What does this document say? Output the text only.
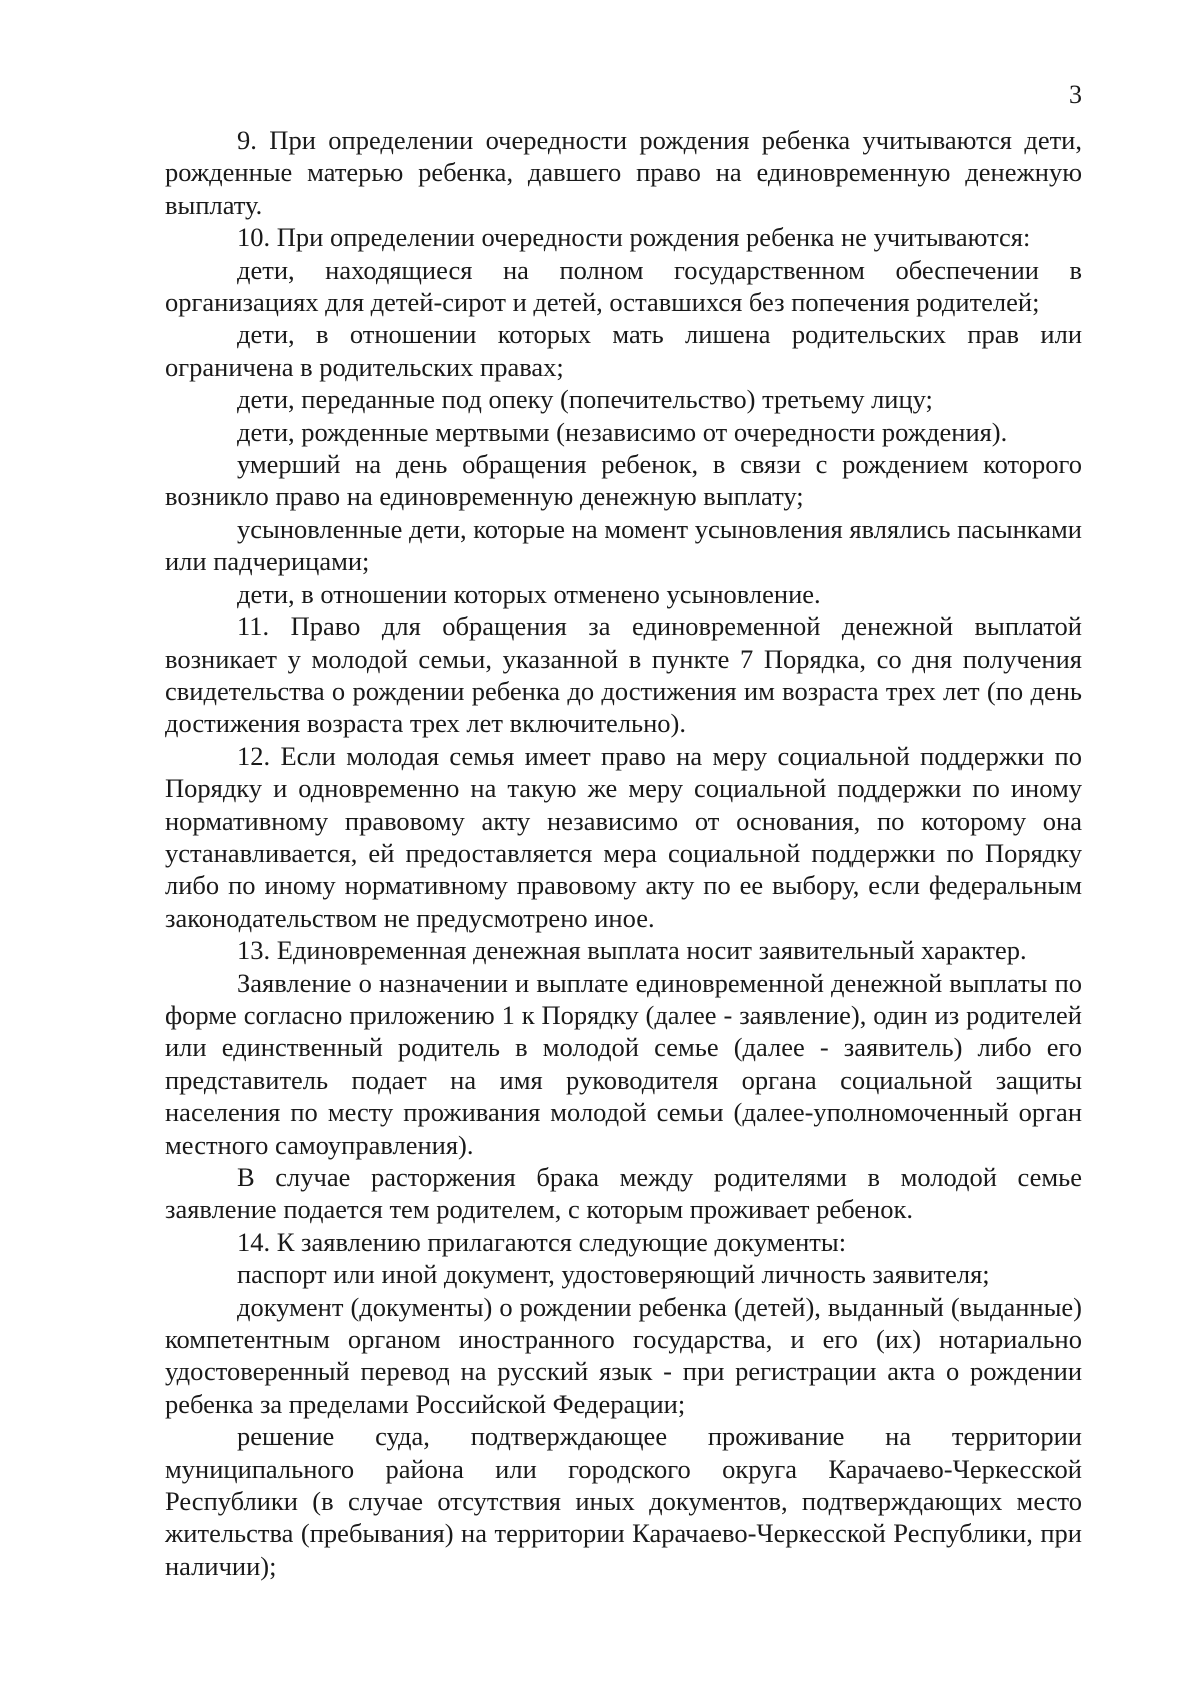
3

9. При определении очередности рождения ребенка учитываются дети, рожденные матерью ребенка, давшего право на единовременную денежную выплату.

10. При определении очередности рождения ребенка не учитываются:

дети, находящиеся на полном государственном обеспечении в организациях для детей-сирот и детей, оставшихся без попечения родителей;

дети, в отношении которых мать лишена родительских прав или ограничена в родительских правах;

дети, переданные под опеку (попечительство) третьему лицу;

дети, рожденные мертвыми (независимо от очередности рождения).

умерший на день обращения ребенок, в связи с рождением которого возникло право на единовременную денежную выплату;

усыновленные дети, которые на момент усыновления являлись пасынками или падчерицами;

дети, в отношении которых отменено усыновление.

11. Право для обращения за единовременной денежной выплатой возникает у молодой семьи, указанной в пункте 7 Порядка, со дня получения свидетельства о рождении ребенка до достижения им возраста трех лет (по день достижения возраста трех лет включительно).

12. Если молодая семья имеет право на меру социальной поддержки по Порядку и одновременно на такую же меру социальной поддержки по иному нормативному правовому акту независимо от основания, по которому она устанавливается, ей предоставляется мера социальной поддержки по Порядку либо по иному нормативному правовому акту по ее выбору, если федеральным законодательством не предусмотрено иное.

13. Единовременная денежная выплата носит заявительный характер.

Заявление о назначении и выплате единовременной денежной выплаты по форме согласно приложению 1 к Порядку (далее - заявление), один из родителей или единственный родитель в молодой семье (далее - заявитель) либо его представитель подает на имя руководителя органа социальной защиты населения по месту проживания молодой семьи (далее-уполномоченный орган местного самоуправления).

В случае расторжения брака между родителями в молодой семье заявление подается тем родителем, с которым проживает ребенок.

14. К заявлению прилагаются следующие документы:

паспорт или иной документ, удостоверяющий личность заявителя;

документ (документы) о рождении ребенка (детей), выданный (выданные) компетентным органом иностранного государства, и его (их) нотариально удостоверенный перевод на русский язык - при регистрации акта о рождении ребенка за пределами Российской Федерации;

решение суда, подтверждающее проживание на территории муниципального района или городского округа Карачаево-Черкесской Республики (в случае отсутствия иных документов, подтверждающих место жительства (пребывания) на территории Карачаево-Черкесской Республики, при наличии);
